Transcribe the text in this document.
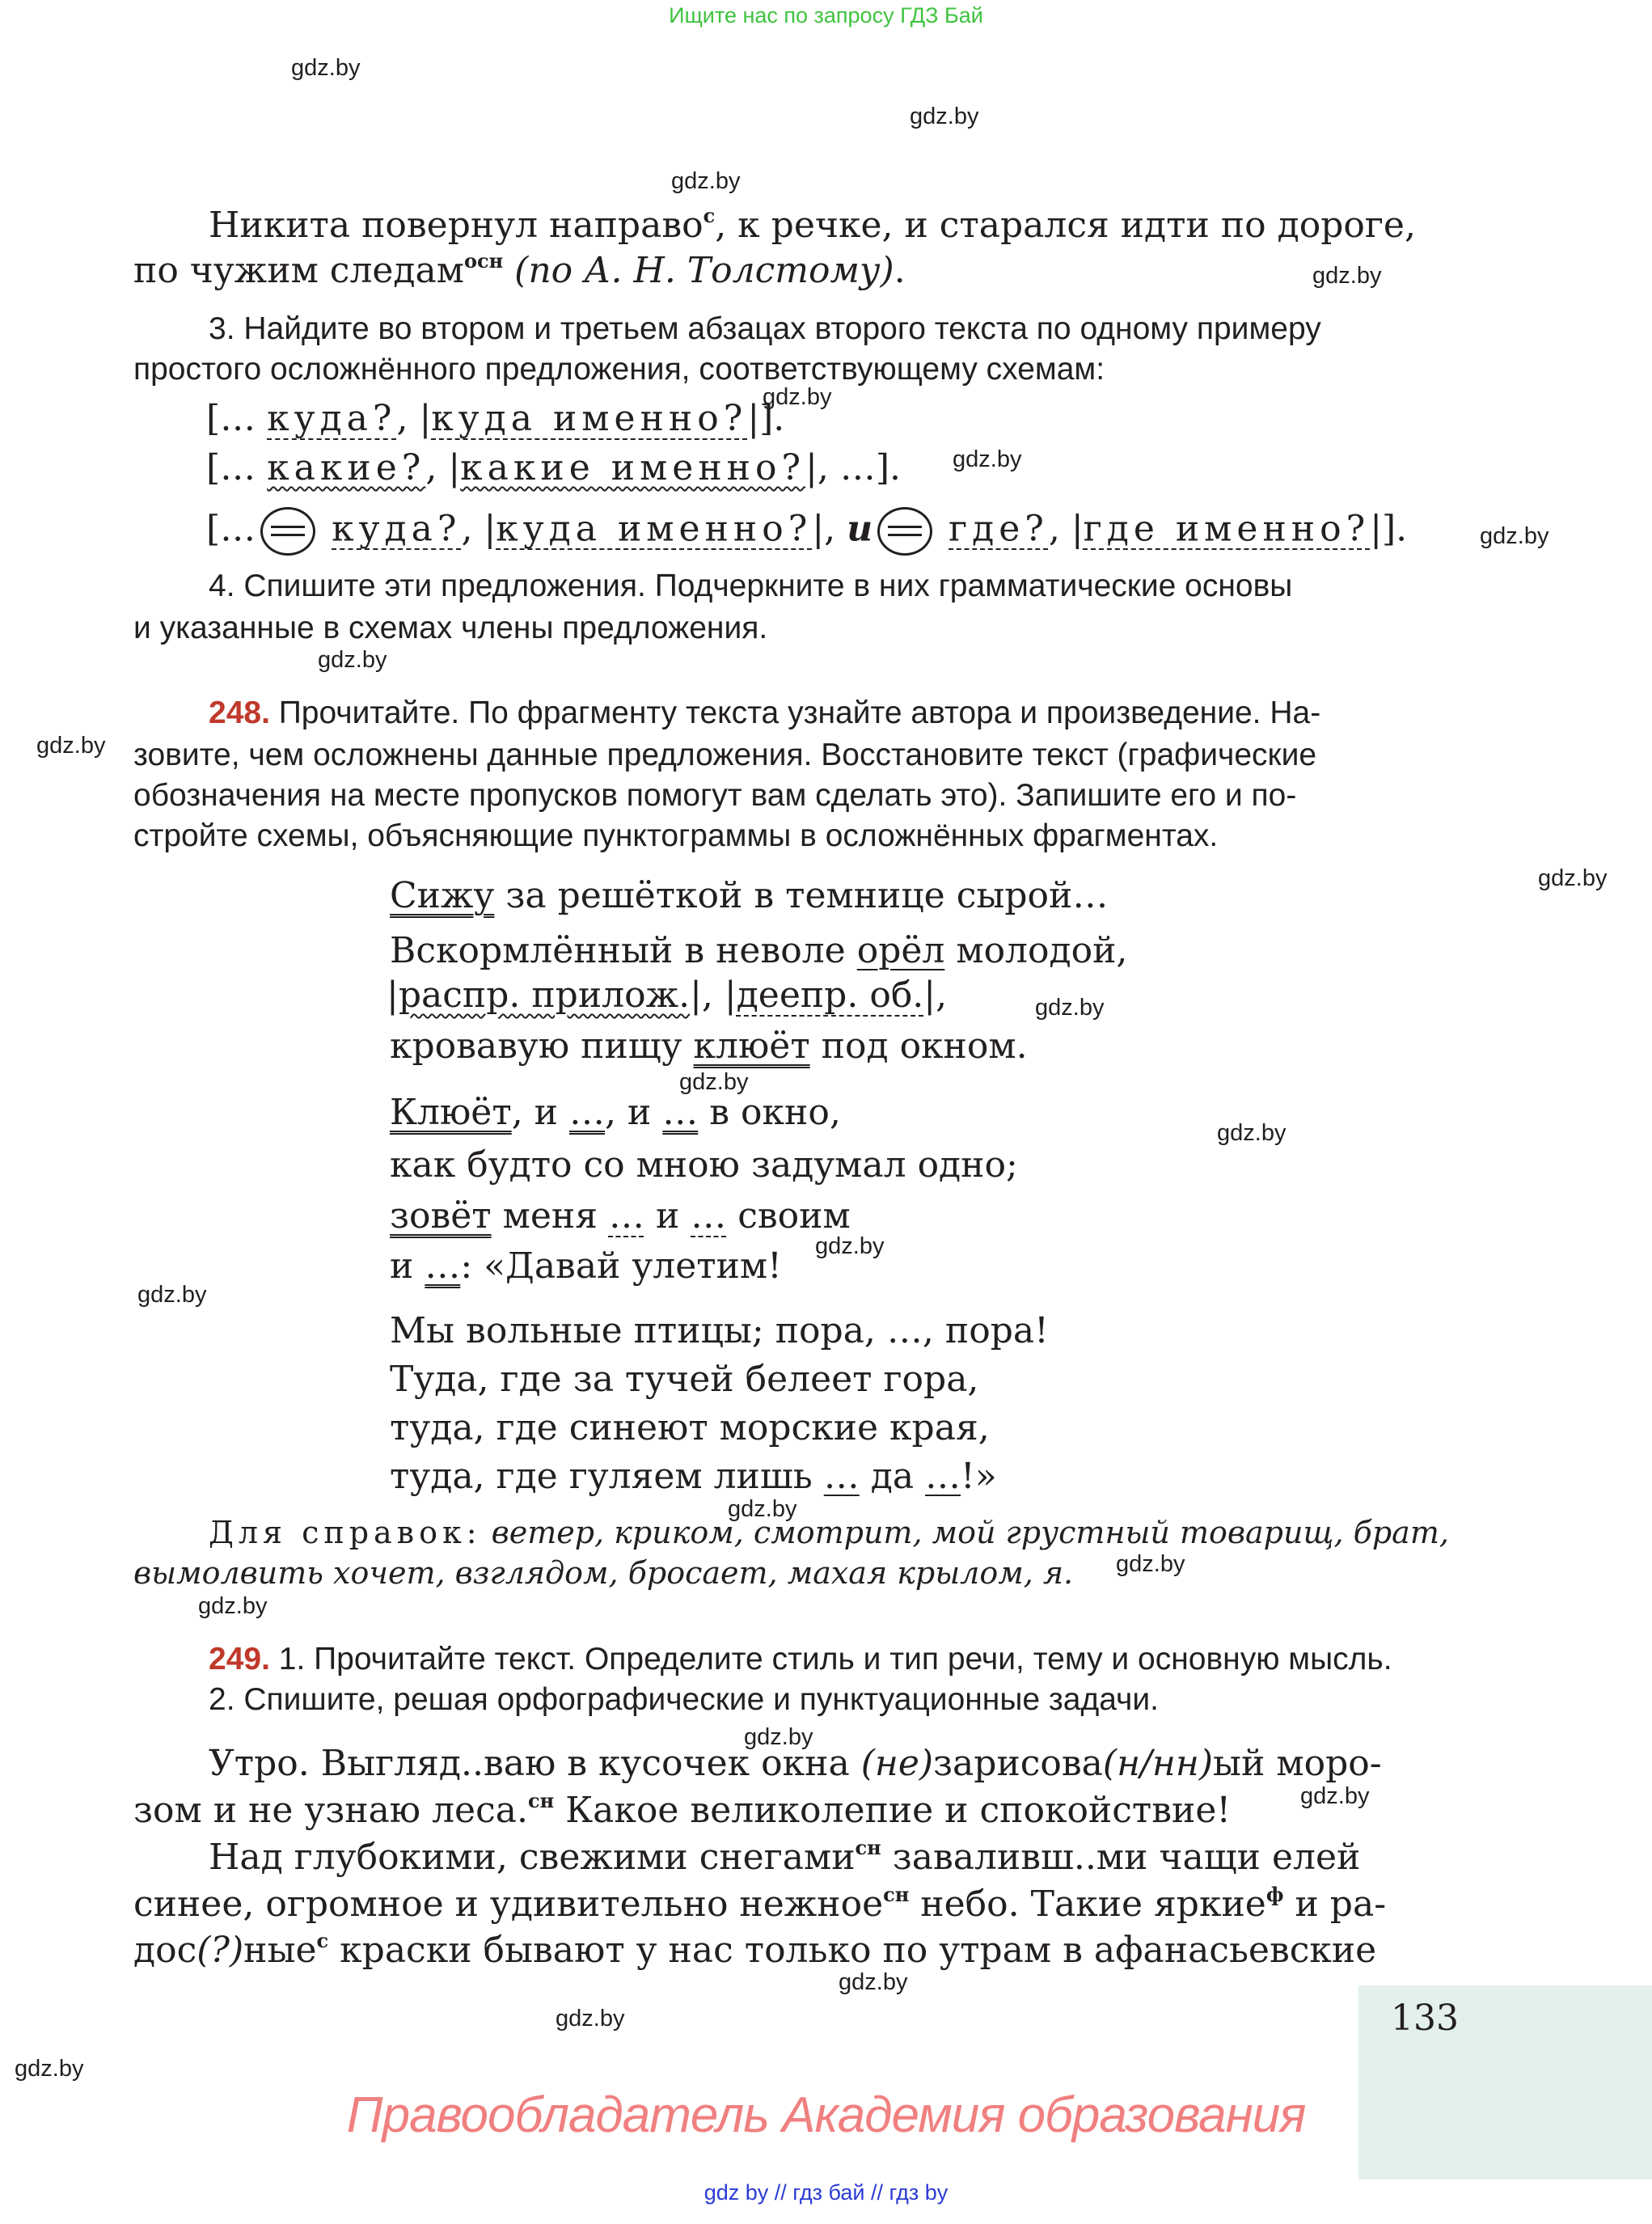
Ищите нас по запросу ГДЗ Бай
gdz.by
gdz.by
gdz.by
gdz.by
gdz.by
gdz.by
gdz.by
gdz.by
gdz.by
gdz.by
gdz.by
gdz.by
gdz.by
gdz.by
gdz.by
gdz.by
gdz.by
gdz.by
gdz.by
gdz.by
gdz.by
gdz.by
gdz.by
Никита повернул направо$^с$, к речке, и старался идти по дороге,
по чужим следам$^{осн}$ (по А. Н. Толстому).
3. Найдите во втором и третьем абзацах второго текста по одному примеру
простого осложнённого предложения, соответствующему схемам:
[… куда?, |куда именно?|].
[… какие?, |какие именно?|, …].
[… куда?, |куда именно?|, и где?, |где именно?|].
4. Спишите эти предложения. Подчеркните в них грамматические основы
и указанные в схемах члены предложения.
248. Прочитайте. По фрагменту текста узнайте автора и произведение. На-
зовите, чем осложнены данные предложения. Восстановите текст (графические
обозначения на месте пропусков помогут вам сделать это). Запишите его и по-
стройте схемы, объясняющие пунктограммы в осложнённых фрагментах.
Сижу за решёткой в темнице сырой…
Вскормлённый в неволе орёл молодой,
|распр. прилож.|, |деепр. об.|,
кровавую пищу клюёт под окном.
Клюёт, и …, и … в окно,
как будто со мною задумал одно;
зовёт меня … и … своим
и …: «Давай улетим!
Мы вольные птицы; пора, …, пора!
Туда, где за тучей белеет гора,
туда, где синеют морские края,
туда, где гуляем лишь … да …!»
Для справок: ветер, криком, смотрит, мой грустный товарищ, брат,
вымолвить хочет, взглядом, бросает, махая крылом, я.
249. 1. Прочитайте текст. Определите стиль и тип речи, тему и основную мысль.
2. Спишите, решая орфографические и пунктуационные задачи.
Утро. Выгляд..ваю в кусочек окна (не)зарисова(н/нн)ый моро-
зом и не узнаю леса.$^{сн}$ Какое великолепие и спокойствие!
Над глубокими, свежими снегами$^{сн}$ заваливш..ми чащи елей
синее, огромное и удивительно нежное$^{сн}$ небо. Такие яркие$^ф$ и ра-
дос(?)ные$^с$ краски бывают у нас только по утрам в афанасьевские
133
Правообладатель Академия образования
gdz by // гдз бай // гдз by
